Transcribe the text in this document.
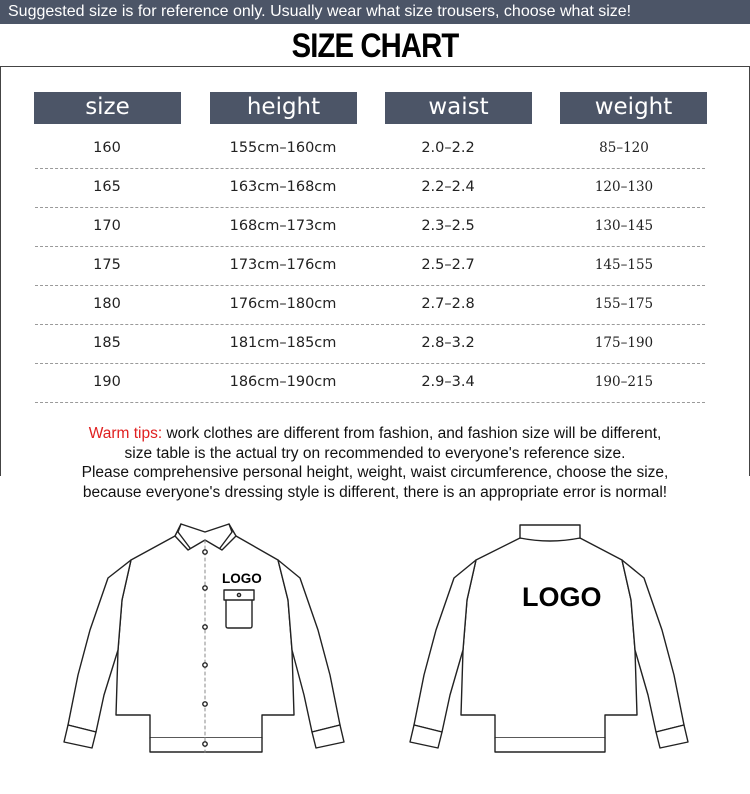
Suggested size is for reference only. Usually wear what size trousers, choose what size!
SIZE CHART
size	height	waist	weight
160	155cm–160cm	2.0–2.2	85–120
165	163cm–168cm	2.2–2.4	120–130
170	168cm–173cm	2.3–2.5	130–145
175	173cm–176cm	2.5–2.7	145–155
180	176cm–180cm	2.7–2.8	155–175
185	181cm–185cm	2.8–3.2	175–190
190	186cm–190cm	2.9–3.4	190–215
Warm tips: work clothes are different from fashion, and fashion size will be different,
size table is the actual try on recommended to everyone's reference size.
Please comprehensive personal height, weight, waist circumference, choose the size,
because everyone's dressing style is different, there is an appropriate error is normal!
LOGO
LOGO
